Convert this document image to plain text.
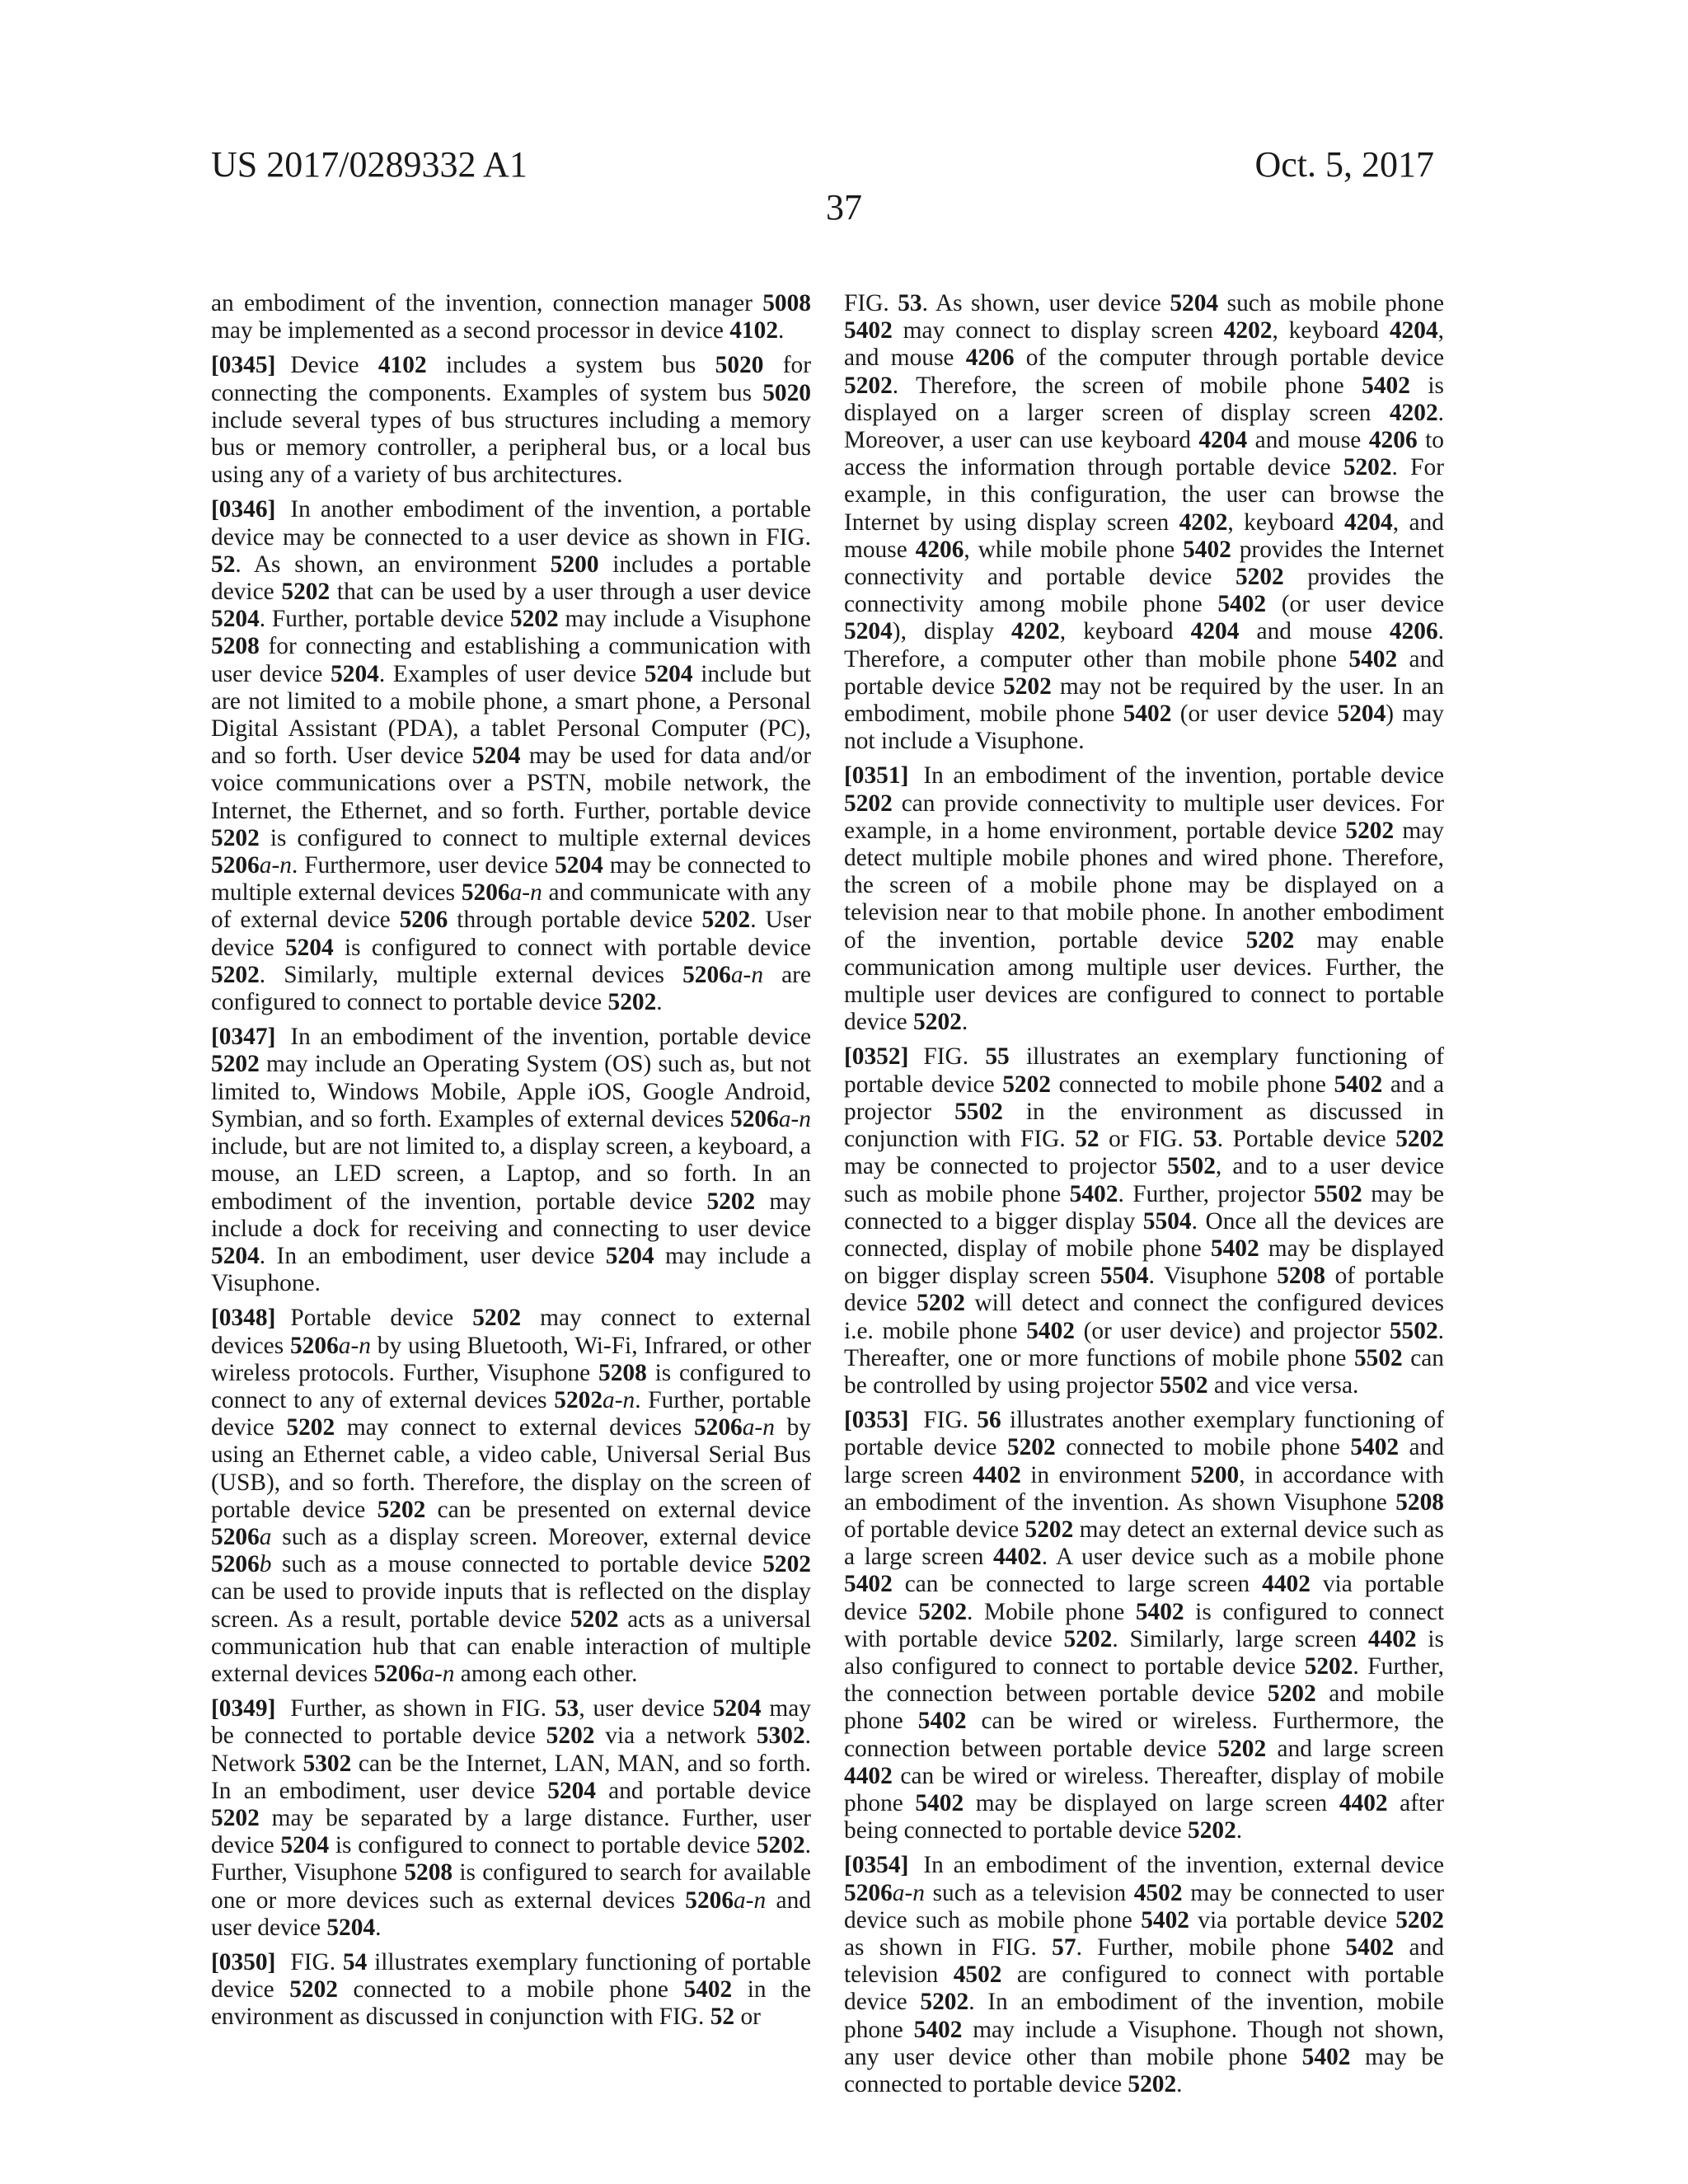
US 2017/0289332 A1	Oct. 5, 2017
37

an embodiment of the invention, connection manager 5008 may be implemented as a second processor in device 4102.

[0345] Device 4102 includes a system bus 5020 for connecting the components. Examples of system bus 5020 include several types of bus structures including a memory bus or memory controller, a peripheral bus, or a local bus using any of a variety of bus architectures.

[0346] In another embodiment of the invention, a portable device may be connected to a user device as shown in FIG. 52. As shown, an environment 5200 includes a portable device 5202 that can be used by a user through a user device 5204. Further, portable device 5202 may include a Visuphone 5208 for connecting and establishing a communication with user device 5204. Examples of user device 5204 include but are not limited to a mobile phone, a smart phone, a Personal Digital Assistant (PDA), a tablet Personal Computer (PC), and so forth. User device 5204 may be used for data and/or voice communications over a PSTN, mobile network, the Internet, the Ethernet, and so forth. Further, portable device 5202 is configured to connect to multiple external devices 5206a-n. Furthermore, user device 5204 may be connected to multiple external devices 5206a-n and communicate with any of external device 5206 through portable device 5202. User device 5204 is configured to connect with portable device 5202. Similarly, multiple external devices 5206a-n are configured to connect to portable device 5202.

[0347] In an embodiment of the invention, portable device 5202 may include an Operating System (OS) such as, but not limited to, Windows Mobile, Apple iOS, Google Android, Symbian, and so forth. Examples of external devices 5206a-n include, but are not limited to, a display screen, a keyboard, a mouse, an LED screen, a Laptop, and so forth. In an embodiment of the invention, portable device 5202 may include a dock for receiving and connecting to user device 5204. In an embodiment, user device 5204 may include a Visuphone.

[0348] Portable device 5202 may connect to external devices 5206a-n by using Bluetooth, Wi-Fi, Infrared, or other wireless protocols. Further, Visuphone 5208 is configured to connect to any of external devices 5202a-n. Further, portable device 5202 may connect to external devices 5206a-n by using an Ethernet cable, a video cable, Universal Serial Bus (USB), and so forth. Therefore, the display on the screen of portable device 5202 can be presented on external device 5206a such as a display screen. Moreover, external device 5206b such as a mouse connected to portable device 5202 can be used to provide inputs that is reflected on the display screen. As a result, portable device 5202 acts as a universal communication hub that can enable interaction of multiple external devices 5206a-n among each other.

[0349] Further, as shown in FIG. 53, user device 5204 may be connected to portable device 5202 via a network 5302. Network 5302 can be the Internet, LAN, MAN, and so forth. In an embodiment, user device 5204 and portable device 5202 may be separated by a large distance. Further, user device 5204 is configured to connect to portable device 5202. Further, Visuphone 5208 is configured to search for available one or more devices such as external devices 5206a-n and user device 5204.

[0350] FIG. 54 illustrates exemplary functioning of portable device 5202 connected to a mobile phone 5402 in the environment as discussed in conjunction with FIG. 52 or

FIG. 53. As shown, user device 5204 such as mobile phone 5402 may connect to display screen 4202, keyboard 4204, and mouse 4206 of the computer through portable device 5202. Therefore, the screen of mobile phone 5402 is displayed on a larger screen of display screen 4202. Moreover, a user can use keyboard 4204 and mouse 4206 to access the information through portable device 5202. For example, in this configuration, the user can browse the Internet by using display screen 4202, keyboard 4204, and mouse 4206, while mobile phone 5402 provides the Internet connectivity and portable device 5202 provides the connectivity among mobile phone 5402 (or user device 5204), display 4202, keyboard 4204 and mouse 4206. Therefore, a computer other than mobile phone 5402 and portable device 5202 may not be required by the user. In an embodiment, mobile phone 5402 (or user device 5204) may not include a Visuphone.

[0351] In an embodiment of the invention, portable device 5202 can provide connectivity to multiple user devices. For example, in a home environment, portable device 5202 may detect multiple mobile phones and wired phone. Therefore, the screen of a mobile phone may be displayed on a television near to that mobile phone. In another embodiment of the invention, portable device 5202 may enable communication among multiple user devices. Further, the multiple user devices are configured to connect to portable device 5202.

[0352] FIG. 55 illustrates an exemplary functioning of portable device 5202 connected to mobile phone 5402 and a projector 5502 in the environment as discussed in conjunction with FIG. 52 or FIG. 53. Portable device 5202 may be connected to projector 5502, and to a user device such as mobile phone 5402. Further, projector 5502 may be connected to a bigger display 5504. Once all the devices are connected, display of mobile phone 5402 may be displayed on bigger display screen 5504. Visuphone 5208 of portable device 5202 will detect and connect the configured devices i.e. mobile phone 5402 (or user device) and projector 5502. Thereafter, one or more functions of mobile phone 5502 can be controlled by using projector 5502 and vice versa.

[0353] FIG. 56 illustrates another exemplary functioning of portable device 5202 connected to mobile phone 5402 and large screen 4402 in environment 5200, in accordance with an embodiment of the invention. As shown Visuphone 5208 of portable device 5202 may detect an external device such as a large screen 4402. A user device such as a mobile phone 5402 can be connected to large screen 4402 via portable device 5202. Mobile phone 5402 is configured to connect with portable device 5202. Similarly, large screen 4402 is also configured to connect to portable device 5202. Further, the connection between portable device 5202 and mobile phone 5402 can be wired or wireless. Furthermore, the connection between portable device 5202 and large screen 4402 can be wired or wireless. Thereafter, display of mobile phone 5402 may be displayed on large screen 4402 after being connected to portable device 5202.

[0354] In an embodiment of the invention, external device 5206a-n such as a television 4502 may be connected to user device such as mobile phone 5402 via portable device 5202 as shown in FIG. 57. Further, mobile phone 5402 and television 4502 are configured to connect with portable device 5202. In an embodiment of the invention, mobile phone 5402 may include a Visuphone. Though not shown, any user device other than mobile phone 5402 may be connected to portable device 5202.
